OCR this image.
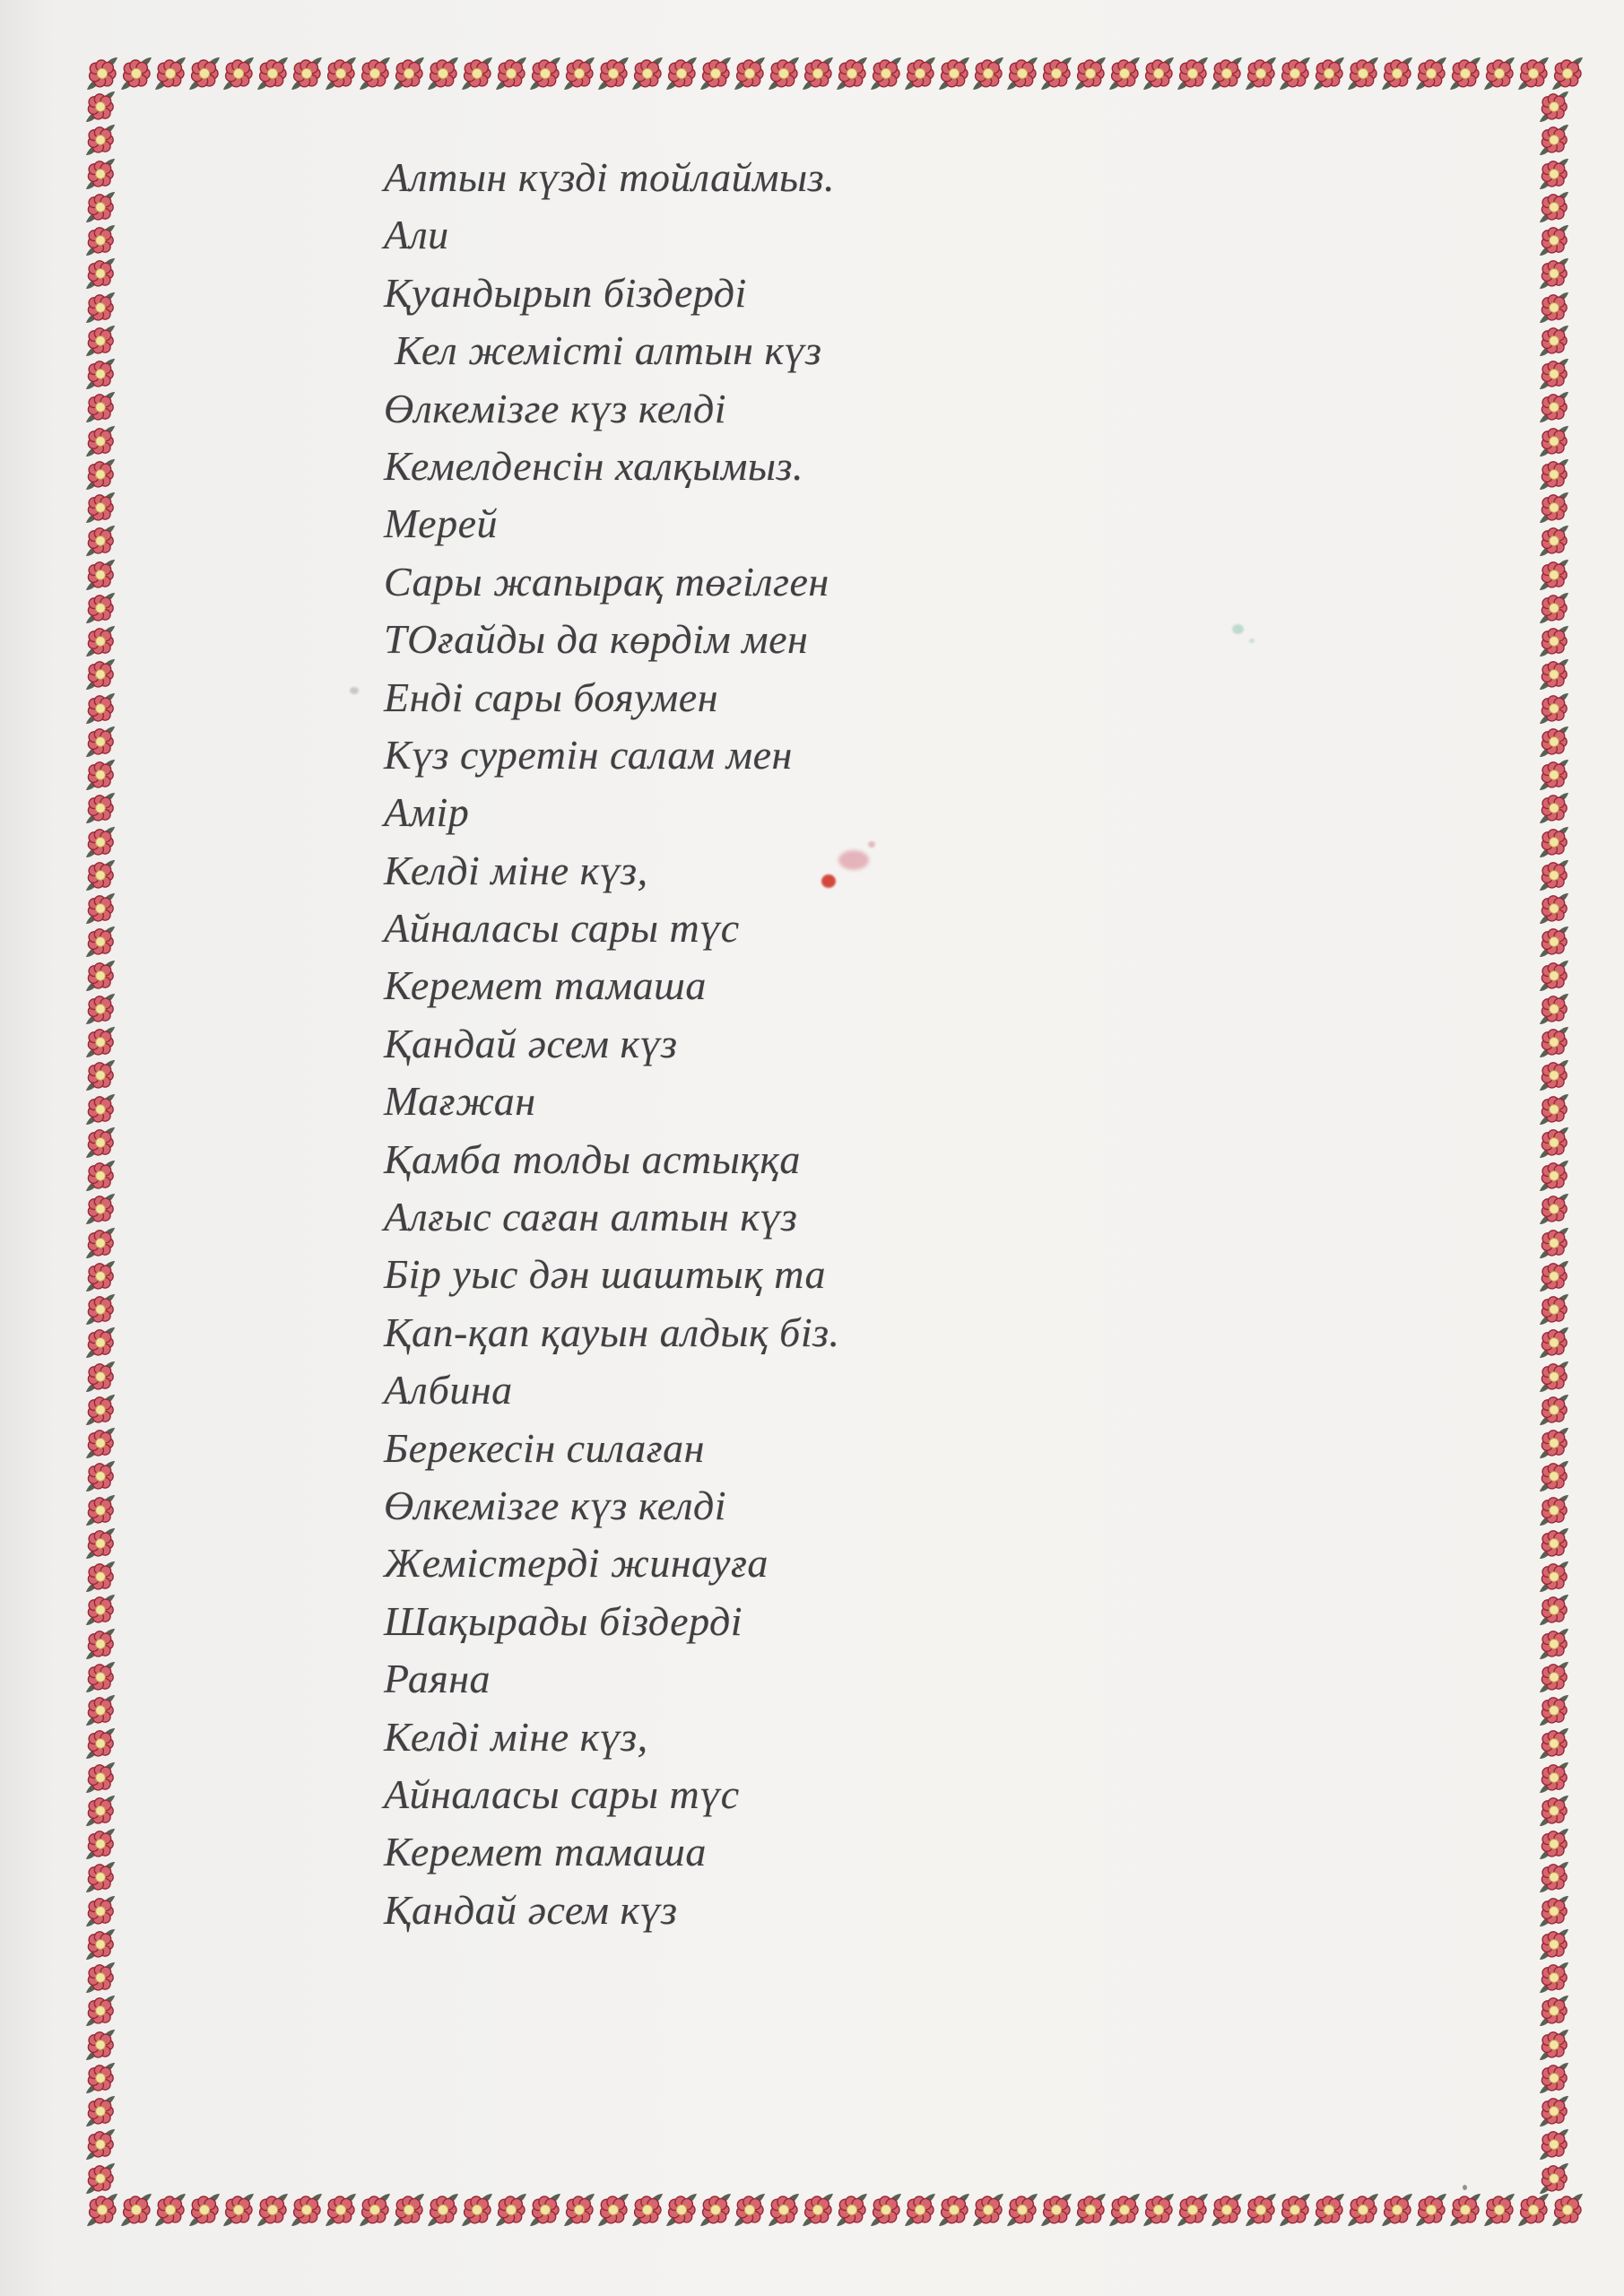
Алтын күзді тойлаймыз.
Али
Қуандырып біздерді
Кел жемісті алтын күз
Өлкемізге күз келді
Кемелденсін халқымыз.
Мерей
Сары жапырақ төгілген
ТОғайды да көрдім мен
Енді сары бояумен
Күз суретін салам мен
Амір
Келді міне күз,
Айналасы сары түс
Керемет тамаша
Қандай әсем күз
Мағжан
Қамба толды астыққа
Алғыс саған алтын күз
Бір уыс дән шаштық та
Қап-қап қауын алдық біз.
Албина
Берекесін силаған
Өлкемізге күз келді
Жемістерді жинауға
Шақырады біздерді
Раяна
Келді міне күз,
Айналасы сары түс
Керемет тамаша
Қандай әсем күз
